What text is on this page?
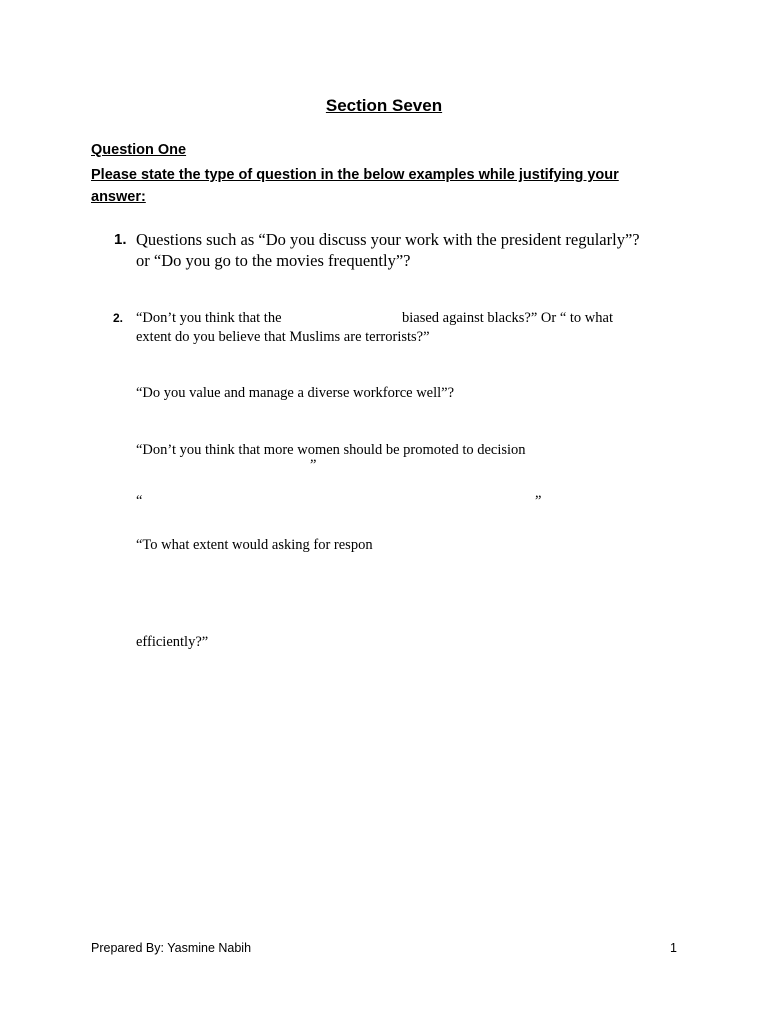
Section Seven

Question One

Please state the type of question in the below examples while justifying your answer:

1. Questions such as “Do you discuss your work with the president regularly”?

or “Do you go to the movies frequently”?

2. “Don’t you think that the	biased against blacks?” Or “ to what

extent do you believe that Muslims are terrorists?”

“Do you value and manage a diverse workforce well”?

“Don’t you think that more women should be promoted to decision

”

“	”

“To what extent would asking for respon

efficiently?”

Prepared By: Yasmine Nabih	1
